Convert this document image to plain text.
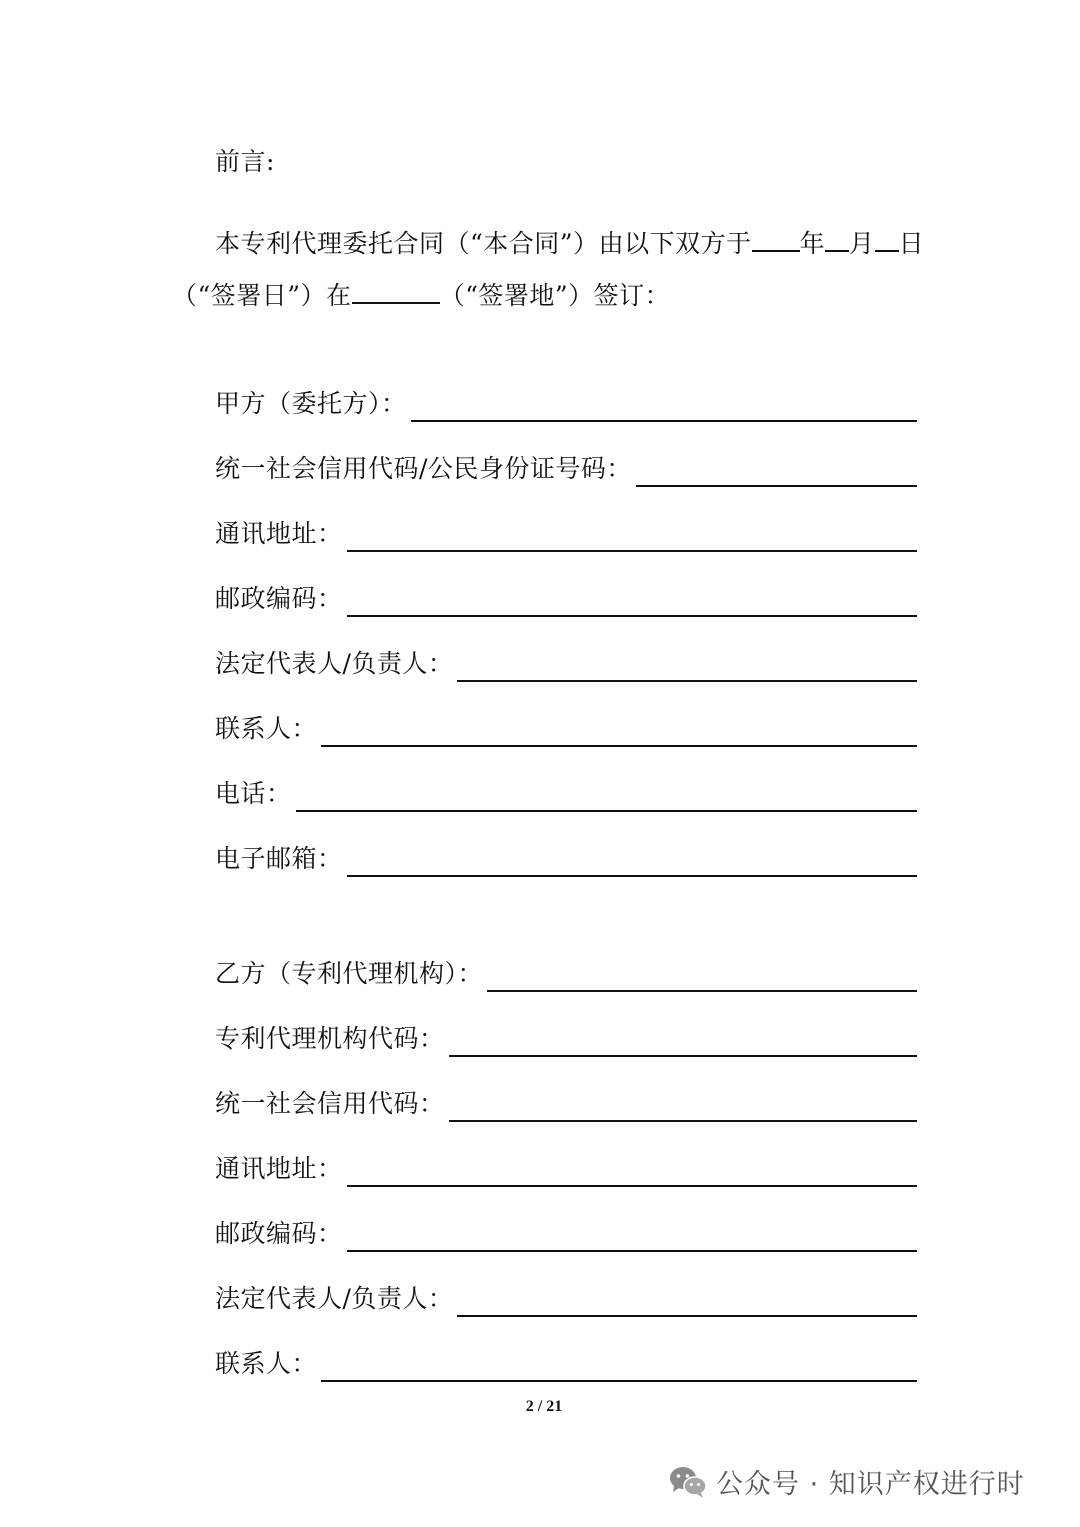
前言:
本专利代理委托合同（“本合同”）由以下双方于 年 月 日
（“签署日”）在	（“签署地”）签订：
甲方（委托方）：
统一社会信用代码/公民身份证号码：
通讯地址：
邮政编码：
法定代表人/负责人：
联系人：
电话：
电子邮箱：
乙方（专利代理机构）：
专利代理机构代码：
统一社会信用代码：
通讯地址：
邮政编码：
法定代表人/负责人：
联系人：
2 / 21
公众号 · 知识产权进行时
